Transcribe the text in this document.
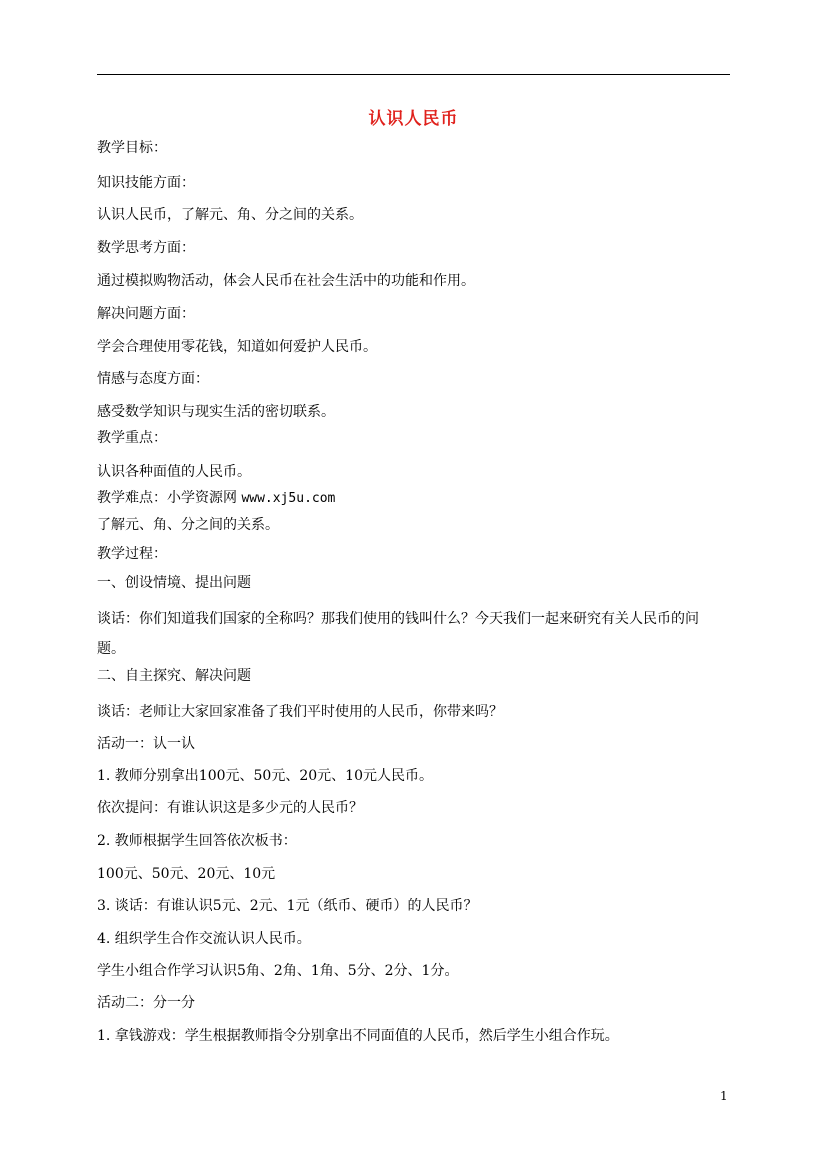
认识人民币
教学目标：
知识技能方面：
认识人民币，了解元、角、分之间的关系。
数学思考方面：
通过模拟购物活动，体会人民币在社会生活中的功能和作用。
解决问题方面：
学会合理使用零花钱，知道如何爱护人民币。
情感与态度方面：
感受数学知识与现实生活的密切联系。
教学重点：
认识各种面值的人民币。
教学难点：小学资源网 www.xj5u.com
了解元、角、分之间的关系。
教学过程：
一、创设情境、提出问题
谈话：你们知道我们国家的全称吗？那我们使用的钱叫什么？今天我们一起来研究有关人民币的问
题。
二、自主探究、解决问题
谈话：老师让大家回家准备了我们平时使用的人民币，你带来吗？
活动一：认一认
1. 教师分别拿出100元、50元、20元、10元人民币。
依次提问：有谁认识这是多少元的人民币？
2. 教师根据学生回答依次板书：
100元、50元、20元、10元
3. 谈话：有谁认识5元、2元、1元（纸币、硬币）的人民币？
4. 组织学生合作交流认识人民币。
学生小组合作学习认识5角、2角、1角、5分、2分、1分。
活动二：分一分
1. 拿钱游戏：学生根据教师指令分别拿出不同面值的人民币，然后学生小组合作玩。
1
